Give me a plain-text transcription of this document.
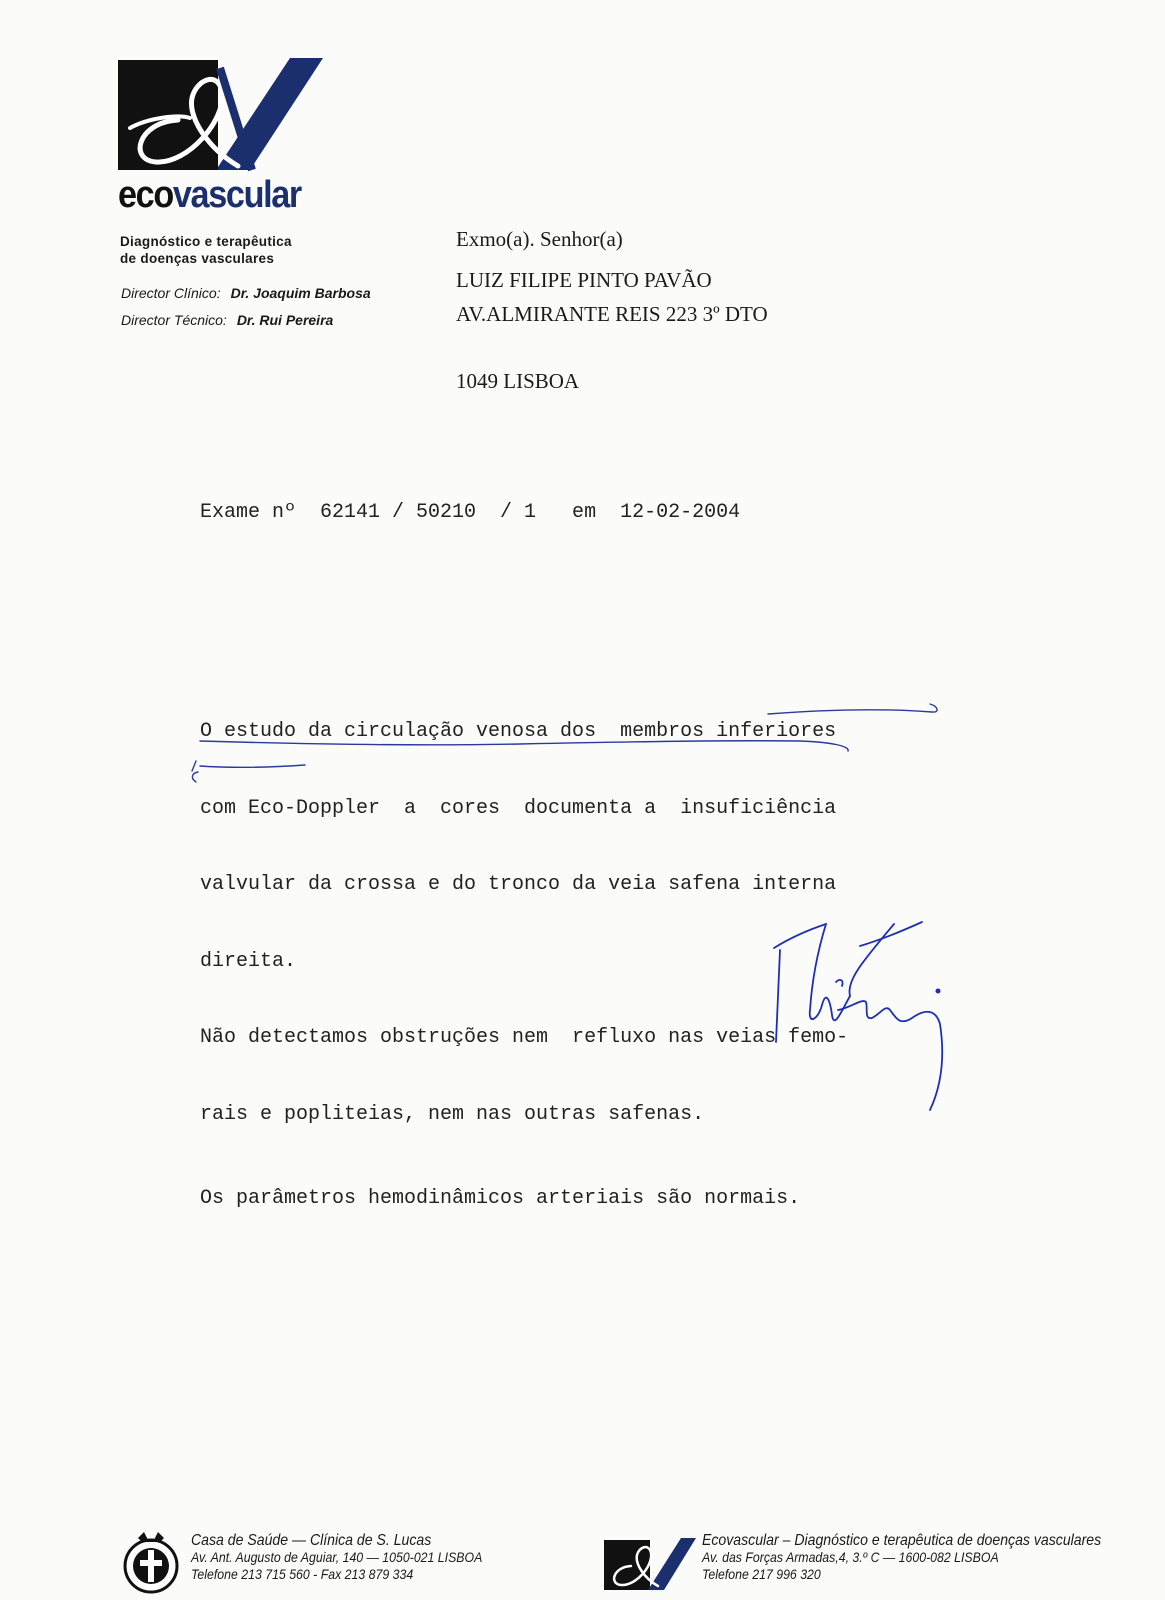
ecovascular
Diagnóstico e terapêutica
de doenças vasculares
Director Clínico: Dr. Joaquim Barbosa
Director Técnico: Dr. Rui Pereira
Exmo(a). Senhor(a)
LUIZ FILIPE PINTO PAVÃO
AV.ALMIRANTE REIS 223 3º DTO
1049 LISBOA
Exame nº  62141 / 50210  / 1   em  12-02-2004

O estudo da circulação venosa dos  membros inferiores

com Eco-Doppler  a  cores  documenta a  insuficiência

valvular da crossa e do tronco da veia safena interna

direita.

Não detectamos obstruções nem  refluxo nas veias femo-

rais e popliteias, nem nas outras safenas.

Os parâmetros hemodinâmicos arteriais são normais.

Casa de Saúde — Clínica de S. Lucas
Av. Ant. Augusto de Aguiar, 140 — 1050-021 LISBOA
Telefone 213 715 560 - Fax 213 879 334
Ecovascular – Diagnóstico e terapêutica de doenças vasculares
Av. das Forças Armadas,4, 3.º C — 1600-082 LISBOA
Telefone 217 996 320
